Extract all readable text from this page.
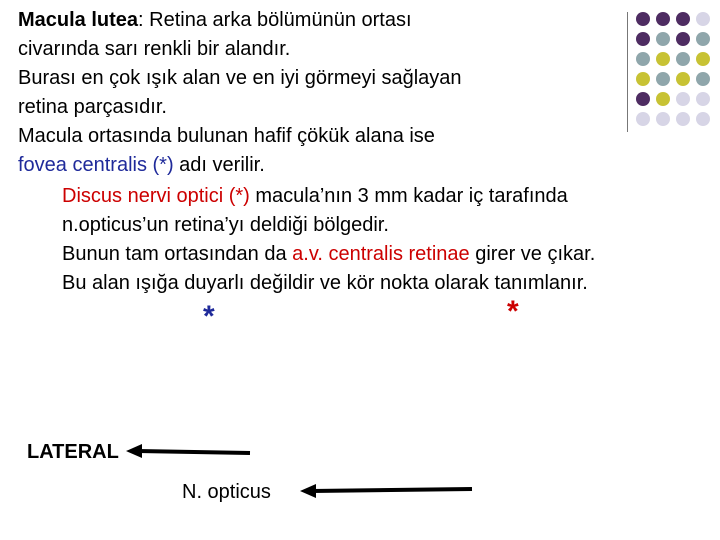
Macula lutea: Retina arka bölümünün ortası
civarında sarı renkli bir alandır.
Burası en çok ışık alan ve en iyi görmeyi sağlayan
retina parçasıdır.
Macula ortasında bulunan hafif çökük alana ise
fovea centralis (*) adı verilir.
Discus nervi optici (*) macula’nın 3 mm kadar iç tarafında
n.opticus’un retina’yı deldiği bölgedir.
Bunun tam ortasından da a.v. centralis retinae girer ve çıkar.
Bu alan ışığa duyarlı değildir ve kör nokta olarak tanımlanır.
*	*
LATERAL
N. opticus
